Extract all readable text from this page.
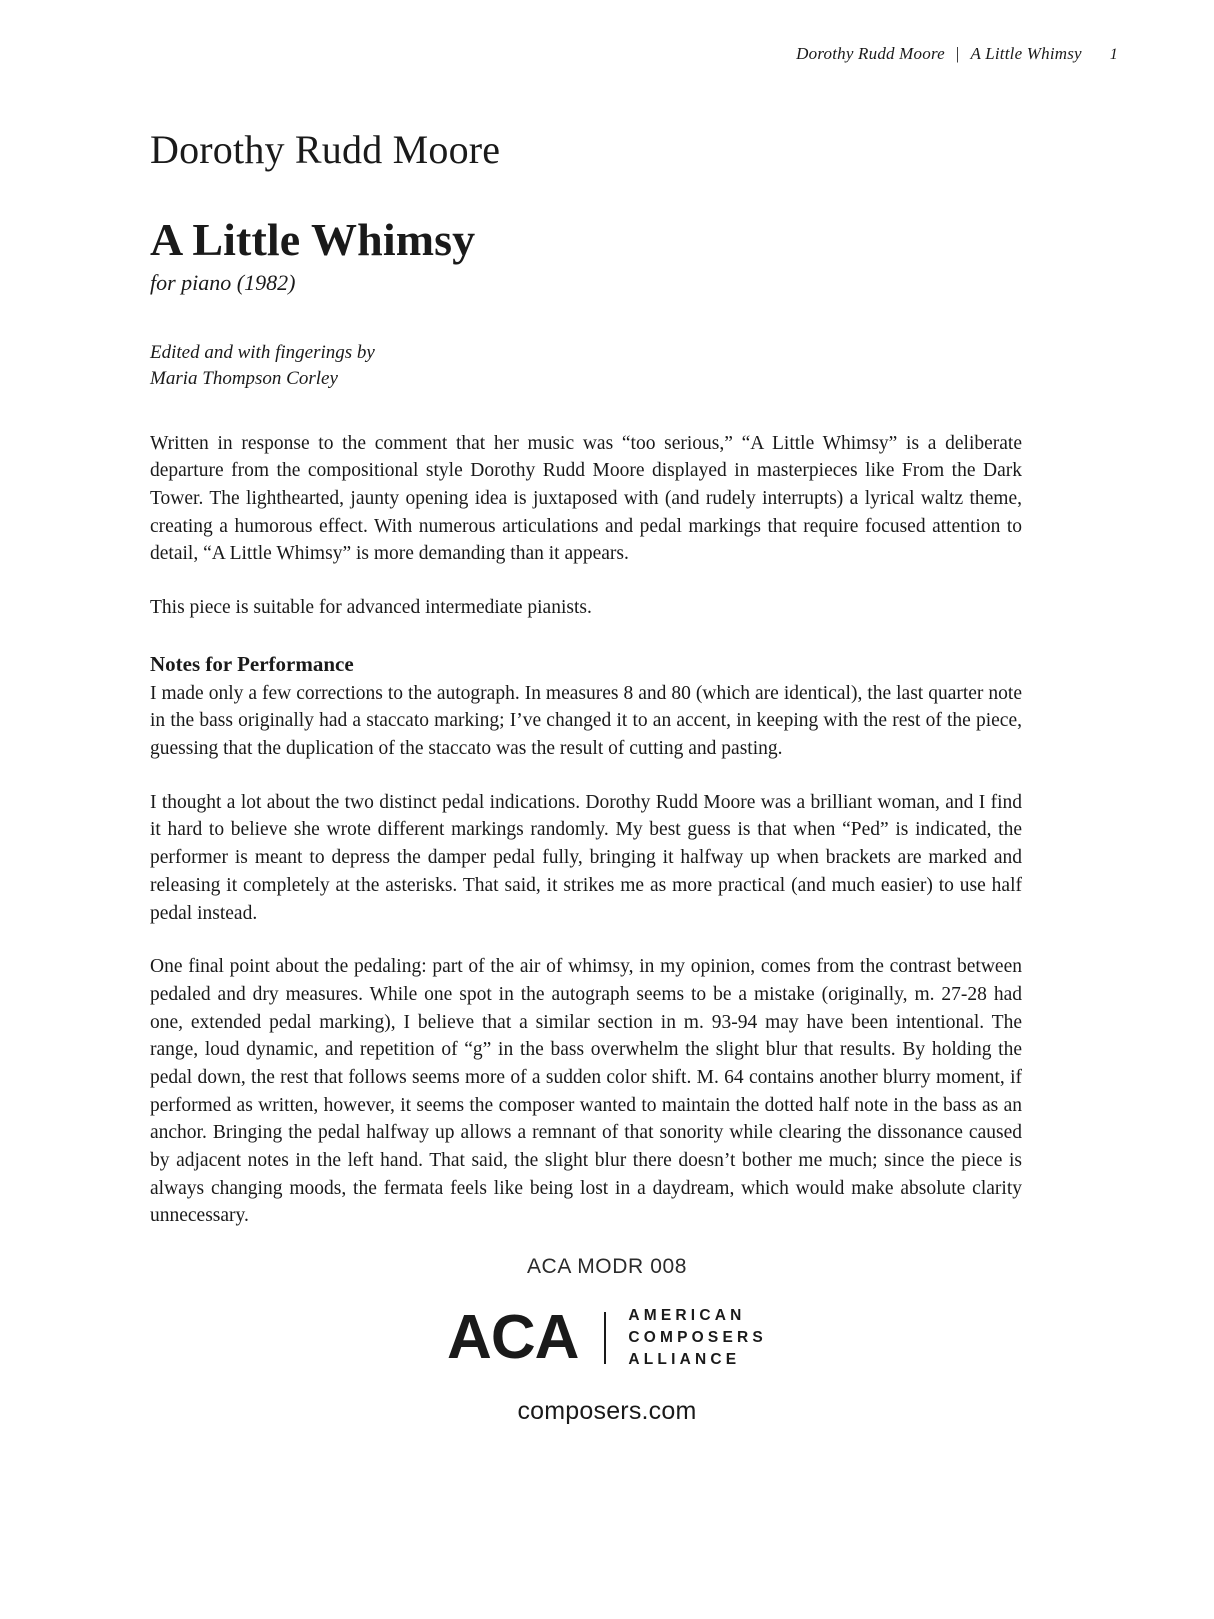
Dorothy Rudd Moore | A Little Whimsy 1
Dorothy Rudd Moore
A Little Whimsy
for piano (1982)
Edited and with fingerings by
Maria Thompson Corley

Written in response to the comment that her music was “too serious,” “A Little Whimsy” is a deliberate departure from the compositional style Dorothy Rudd Moore displayed in masterpieces like From the Dark Tower. The lighthearted, jaunty opening idea is juxtaposed with (and rudely interrupts) a lyrical waltz theme, creating a humorous effect. With numerous articulations and pedal markings that require focused attention to detail, “A Little Whimsy” is more demanding than it appears.

This piece is suitable for advanced intermediate pianists.

Notes for Performance

I made only a few corrections to the autograph. In measures 8 and 80 (which are identical), the last quarter note in the bass originally had a staccato marking; I’ve changed it to an accent, in keeping with the rest of the piece, guessing that the duplication of the staccato was the result of cutting and pasting.

I thought a lot about the two distinct pedal indications. Dorothy Rudd Moore was a brilliant woman, and I find it hard to believe she wrote different markings randomly. My best guess is that when “Ped” is indicated, the performer is meant to depress the damper pedal fully, bringing it halfway up when brackets are marked and releasing it completely at the asterisks. That said, it strikes me as more practical (and much easier) to use half pedal instead.

One final point about the pedaling: part of the air of whimsy, in my opinion, comes from the contrast between pedaled and dry measures. While one spot in the autograph seems to be a mistake (originally, m. 27-28 had one, extended pedal marking), I believe that a similar section in m. 93-94 may have been intentional. The range, loud dynamic, and repetition of “g” in the bass overwhelm the slight blur that results. By holding the pedal down, the rest that follows seems more of a sudden color shift. M. 64 contains another blurry moment, if performed as written, however, it seems the composer wanted to maintain the dotted half note in the bass as an anchor. Bringing the pedal halfway up allows a remnant of that sonority while clearing the dissonance caused by adjacent notes in the left hand. That said, the slight blur there doesn’t bother me much; since the piece is always changing moods, the fermata feels like being lost in a daydream, which would make absolute clarity unnecessary.

ACA MODR 008
ACA	AMERICAN
COMPOSERS
ALLIANCE
composers.com
